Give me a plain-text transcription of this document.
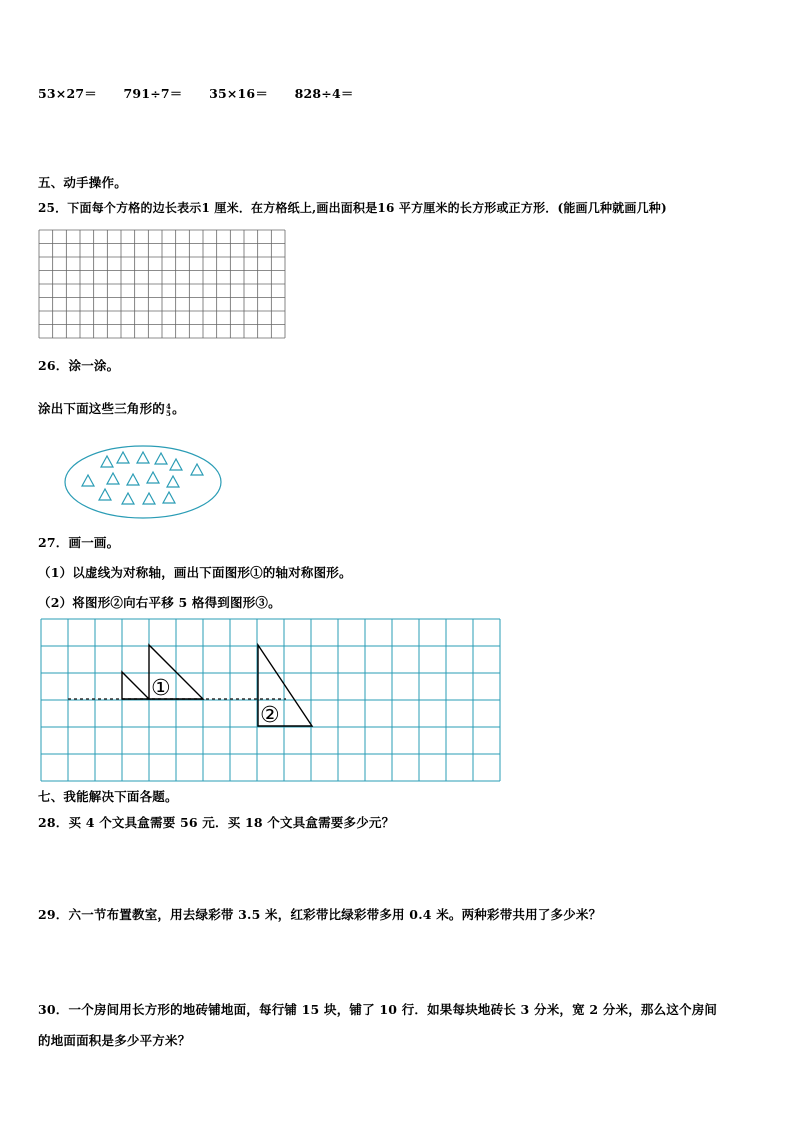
53×27＝ 791÷7＝ 35×16＝ 828÷4＝
五、动手操作。
25．下面每个方格的边长表示1 厘米．在方格纸上,画出面积是16 平方厘米的长方形或正方形．(能画几种就画几种)
26．涂一涂。
涂出下面这些三角形的 4
5 。
27．画一画。
（1）以虚线为对称轴，画出下面图形①的轴对称图形。
（2）将图形②向右平移 5 格得到图形③。
①
②
七、我能解决下面各题。
28．买 4 个文具盒需要 56 元．买 18 个文具盒需要多少元？
29．六一节布置教室，用去绿彩带 3.5 米，红彩带比绿彩带多用 0.4 米。两种彩带共用了多少米？
30．一个房间用长方形的地砖铺地面，每行铺 15 块，铺了 10 行．如果每块地砖长 3 分米，宽 2 分米，那么这个房间
的地面面积是多少平方米？
